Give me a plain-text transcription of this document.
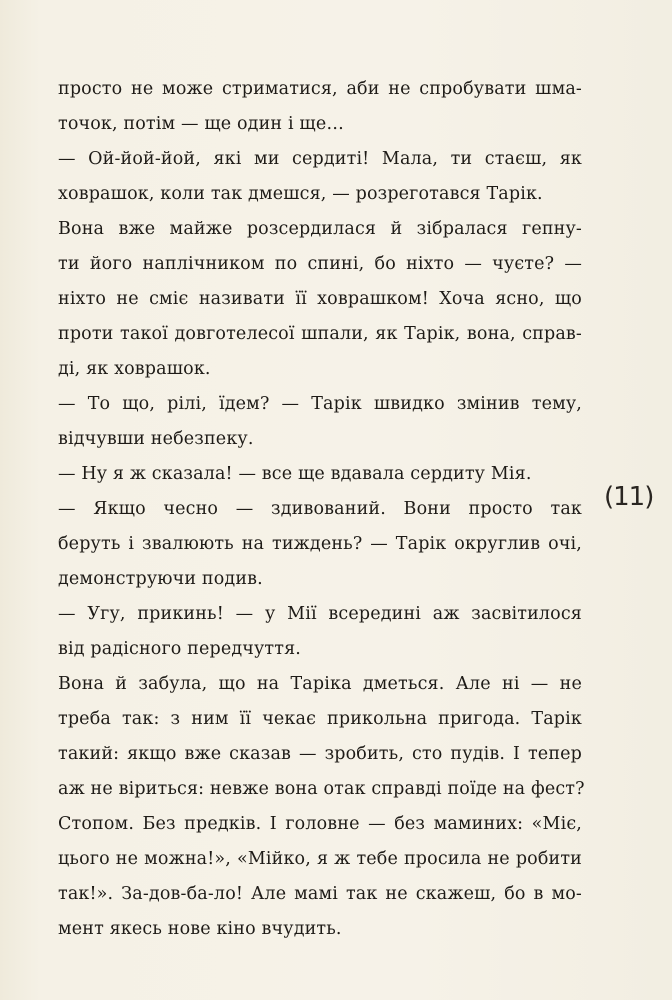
просто не може стриматися, аби не спробувати шма-
точок, потім — ще один і ще…
— Ой-йой-йой, які ми сердиті! Мала, ти стаєш, як
ховрашок, коли так дмешся, — розреготався Тарік.
Вона вже майже розсердилася й зібралася гепну-
ти його наплічником по спині, бо ніхто — чуєте? —
ніхто не сміє називати її ховрашком! Хоча ясно, що
проти такої довготелесої шпали, як Тарік, вона, справ-
ді, як ховрашок.
— То що, рілі, їдем? — Тарік швидко змінив тему,
відчувши небезпеку.
— Ну я ж сказала! — все ще вдавала сердиту Мія.
— Якщо чесно — здивований. Вони просто так
беруть і звалюють на тиждень? — Тарік округлив очі,
демонструючи подив.
— Угу, прикинь! — у Мії всередині аж засвітилося
від радісного передчуття.
Вона й забула, що на Таріка дметься. Але ні — не
треба так: з ним її чекає прикольна пригода. Тарік
такий: якщо вже сказав — зробить, сто пудів. І тепер
аж не віриться: невже вона отак справді поїде на фест?
Стопом. Без предків. І головне — без маминих: «Міє,
цього не можна!», «Мійко, я ж тебе просила не робити
так!». За-дов-ба-ло! Але мамі так не скажеш, бо в мо-
мент якесь нове кіно вчудить.
(11)
